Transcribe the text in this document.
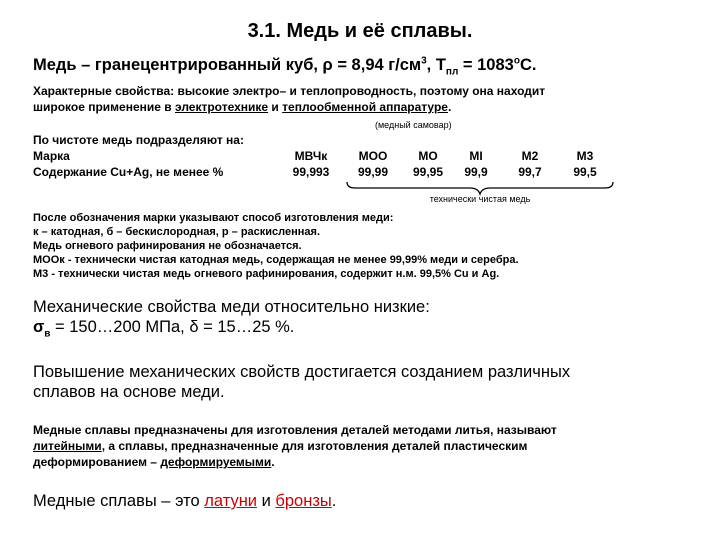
3.1. Медь и её сплавы.
Медь – гранецентрированный куб, ρ = 8,94 $г/см^3$, $Т_{пл} = 1083^оС$.
Характерные свойства: высокие электро– и теплопроводность, поэтому она находит
широкое применение в электротехнике и теплообменной аппаратуре.
(медный самовар)
По чистоте медь подразделяют на:
Марка
Содержание Cu+Ag, не менее %
МВЧк
99,993
МОО
99,99
МО
99,95
МI
99,9
М2
99,7
М3
99,5
технически чистая медь
После обозначения марки указывают способ изготовления меди:
к – катодная, б – бескислородная, р – раскисленная.
Медь огневого рафинирования не обозначается.
МООк - технически чистая катодная медь, содержащая не менее 99,99% меди и серебра.
М3 - технически чистая медь огневого рафинирования, содержит н.м. 99,5% Cu и Ag.
Механические свойства меди относительно низкие:
$\sigma_в$ = 150…200 МПа, δ = 15…25 %.
Повышение механических свойств достигается созданием различных
сплавов на основе меди.
Медные сплавы предназначены для изготовления деталей методами литья, называют
литейными, а сплавы, предназначенные для изготовления деталей пластическим
деформированием – деформируемыми.
Медные сплавы – это латуни и бронзы.
